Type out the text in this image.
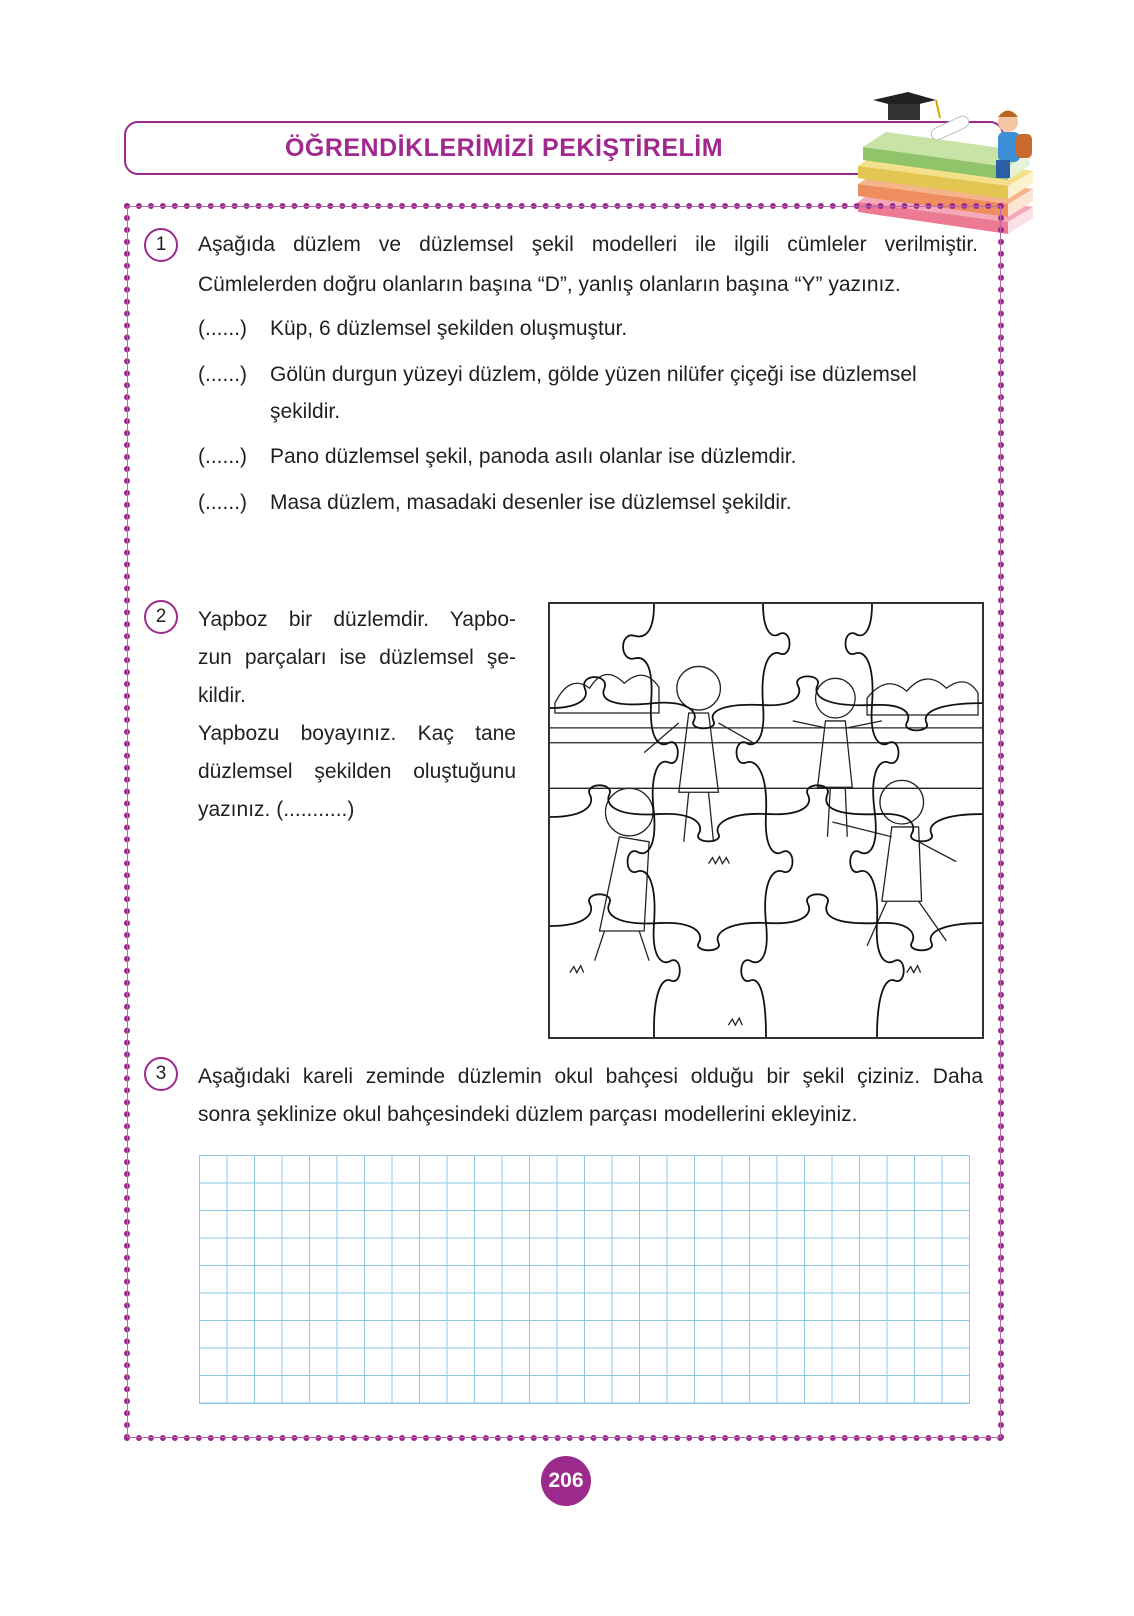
ÖĞRENDİKLERİMİZİ PEKİŞTİRELİM
1	Aşağıda düzlem ve düzlemsel şekil modelleri ile ilgili cümleler verilmiştir.
Cümlelerden doğru olanların başına “D”, yanlış olanların başına “Y” yazınız.
(......)	Küp, 6 düzlemsel şekilden oluşmuştur.
(......)	Gölün durgun yüzeyi düzlem, gölde yüzen nilüfer çiçeği ise düzlemsel
şekildir.
(......)	Pano düzlemsel şekil, panoda asılı olanlar ise düzlemdir.
(......)	Masa düzlem, masadaki desenler ise düzlemsel şekildir.
2	Yapboz bir düzlemdir. Yapbo-
zun parçaları ise düzlemsel şe-
kildir.
Yapbozu boyayınız. Kaç tane
düzlemsel şekilden oluştuğunu
yazınız. (...........)
3	Aşağıdaki kareli zeminde düzlemin okul bahçesi olduğu bir şekil çiziniz. Daha
sonra şeklinize okul bahçesindeki düzlem parçası modellerini ekleyiniz.
206
